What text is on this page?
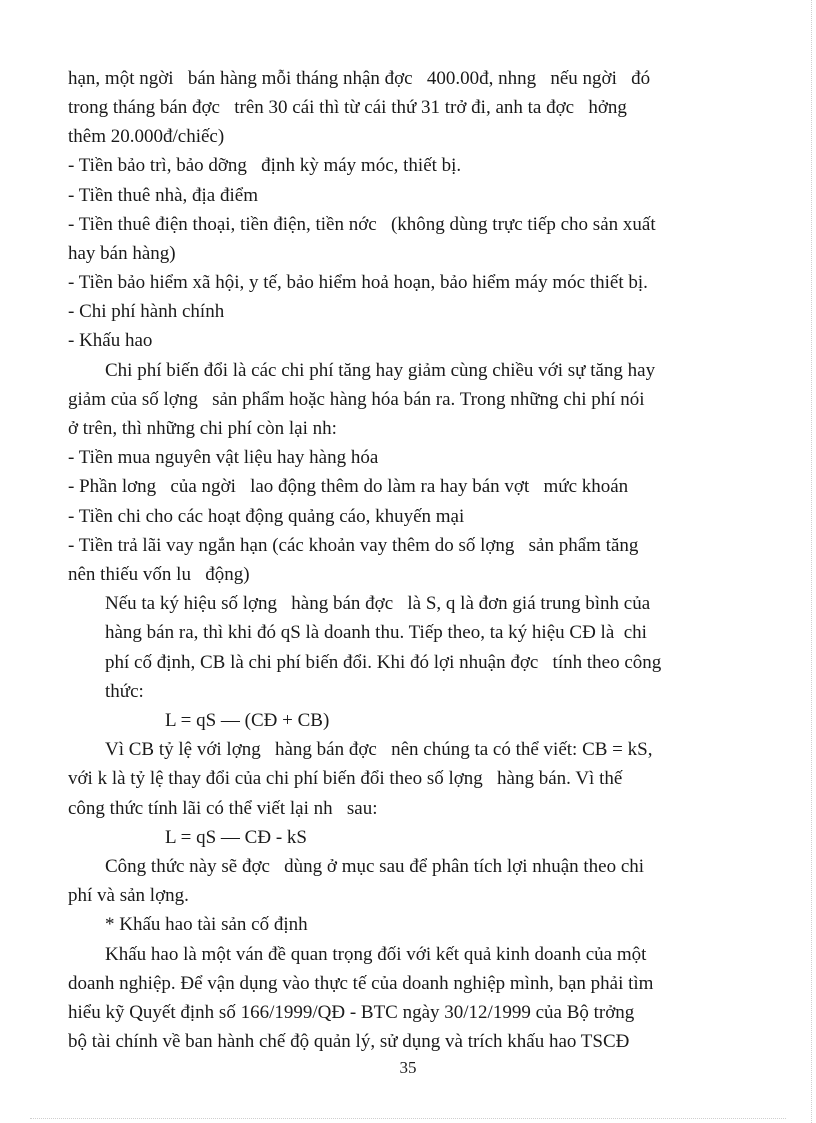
hạn, một ngời   bán hàng mỗi tháng nhận đợc   400.00đ, nhng   nếu ngời   đó
trong tháng bán đợc   trên 30 cái thì từ cái thứ 31 trở đi, anh ta đợc   hởng
thêm 20.000đ/chiếc)
- Tiền bảo trì, bảo dỡng   định kỳ máy móc, thiết bị.
- Tiền thuê nhà, địa điểm
- Tiền thuê điện thoại, tiền điện, tiền nớc   (không dùng trực tiếp cho sản xuất
hay bán hàng)
- Tiền bảo hiểm xã hội, y tế, bảo hiểm hoả hoạn, bảo hiểm máy móc thiết bị.
- Chi phí hành chính
- Khấu hao
Chi phí biến đổi là các chi phí tăng hay giảm cùng chiều với sự tăng hay
giảm của số lợng   sản phẩm hoặc hàng hóa bán ra. Trong những chi phí nói
ở trên, thì những chi phí còn lại nh:
- Tiền mua nguyên vật liệu hay hàng hóa
- Phần lơng   của ngời   lao động thêm do làm ra hay bán vợt   mức khoán
- Tiền chi cho các hoạt động quảng cáo, khuyến mại
- Tiền trả lãi vay ngắn hạn (các khoản vay thêm do số lợng   sản phẩm tăng
nên thiếu vốn lu   động)
Nếu ta ký hiệu số lợng   hàng bán đợc   là S, q là đơn giá trung bình của
hàng bán ra, thì khi đó qS là doanh thu. Tiếp theo, ta ký hiệu CĐ là  chi
phí cố định, CB là chi phí biến đổi. Khi đó lợi nhuận đợc   tính theo công
thức:
L = qS — (CĐ + CB)
Vì CB tỷ lệ với lợng   hàng bán đợc   nên chúng ta có thể viết: CB = kS,
với k là tỷ lệ thay đổi của chi phí biến đổi theo số lợng   hàng bán. Vì thế
công thức tính lãi có thể viết lại nh   sau:
L = qS — CĐ - kS
Công thức này sẽ đợc   dùng ở mục sau để phân tích lợi nhuận theo chi
phí và sản lợng.
* Khấu hao tài sản cố định
Khấu hao là một ván đề quan trọng đối với kết quả kinh doanh của một
doanh nghiệp. Để vận dụng vào thực tế của doanh nghiệp mình, bạn phải tìm
hiểu kỹ Quyết định số 166/1999/QĐ - BTC ngày 30/12/1999 của Bộ trởng
bộ tài chính về ban hành chế độ quản lý, sử dụng và trích khấu hao TSCĐ
35
